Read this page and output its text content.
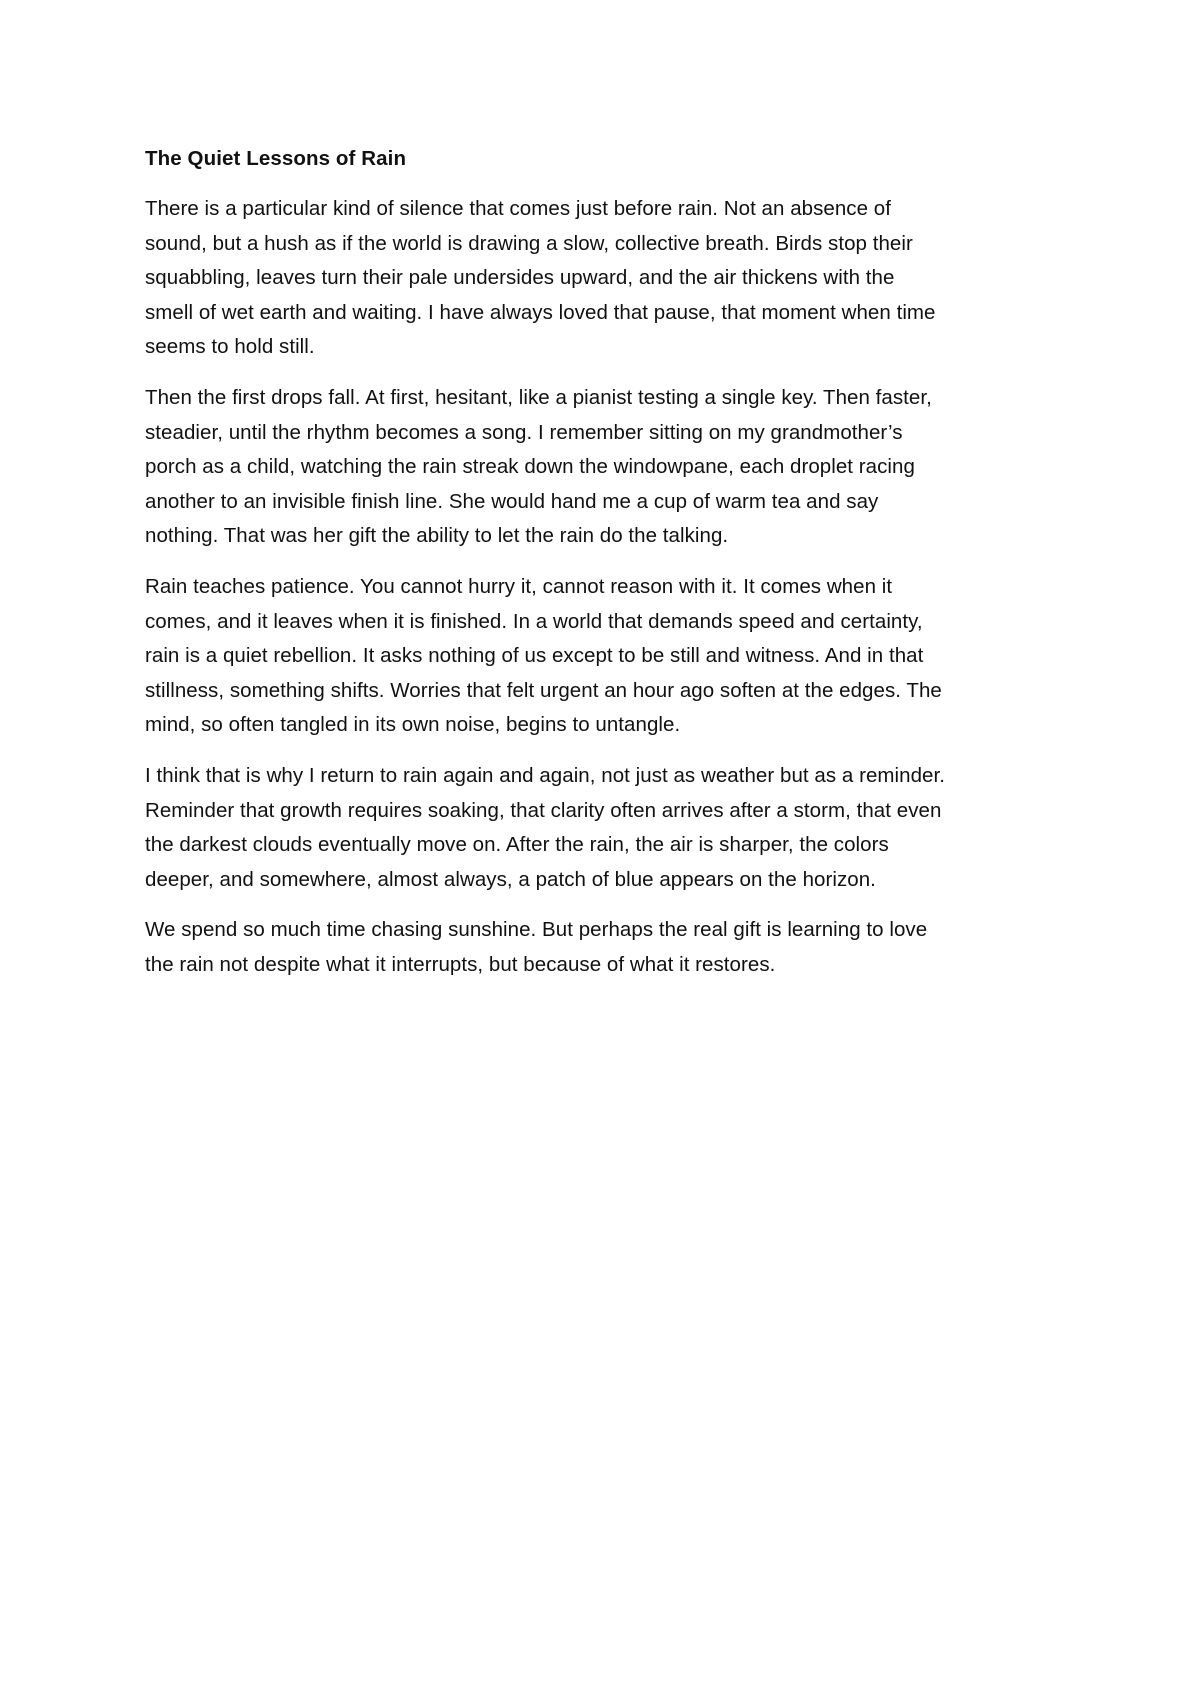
The Quiet Lessons of Rain
There is a particular kind of silence that comes just before rain. Not an absence of
sound, but a hush as if the world is drawing a slow, collective breath. Birds stop their
squabbling, leaves turn their pale undersides upward, and the air thickens with the
smell of wet earth and waiting. I have always loved that pause, that moment when time
seems to hold still.
Then the first drops fall. At first, hesitant, like a pianist testing a single key. Then faster,
steadier, until the rhythm becomes a song. I remember sitting on my grandmother’s
porch as a child, watching the rain streak down the windowpane, each droplet racing
another to an invisible finish line. She would hand me a cup of warm tea and say
nothing. That was her gift the ability to let the rain do the talking.
Rain teaches patience. You cannot hurry it, cannot reason with it. It comes when it
comes, and it leaves when it is finished. In a world that demands speed and certainty,
rain is a quiet rebellion. It asks nothing of us except to be still and witness. And in that
stillness, something shifts. Worries that felt urgent an hour ago soften at the edges. The
mind, so often tangled in its own noise, begins to untangle.
I think that is why I return to rain again and again, not just as weather but as a reminder.
Reminder that growth requires soaking, that clarity often arrives after a storm, that even
the darkest clouds eventually move on. After the rain, the air is sharper, the colors
deeper, and somewhere, almost always, a patch of blue appears on the horizon.
We spend so much time chasing sunshine. But perhaps the real gift is learning to love
the rain not despite what it interrupts, but because of what it restores.
